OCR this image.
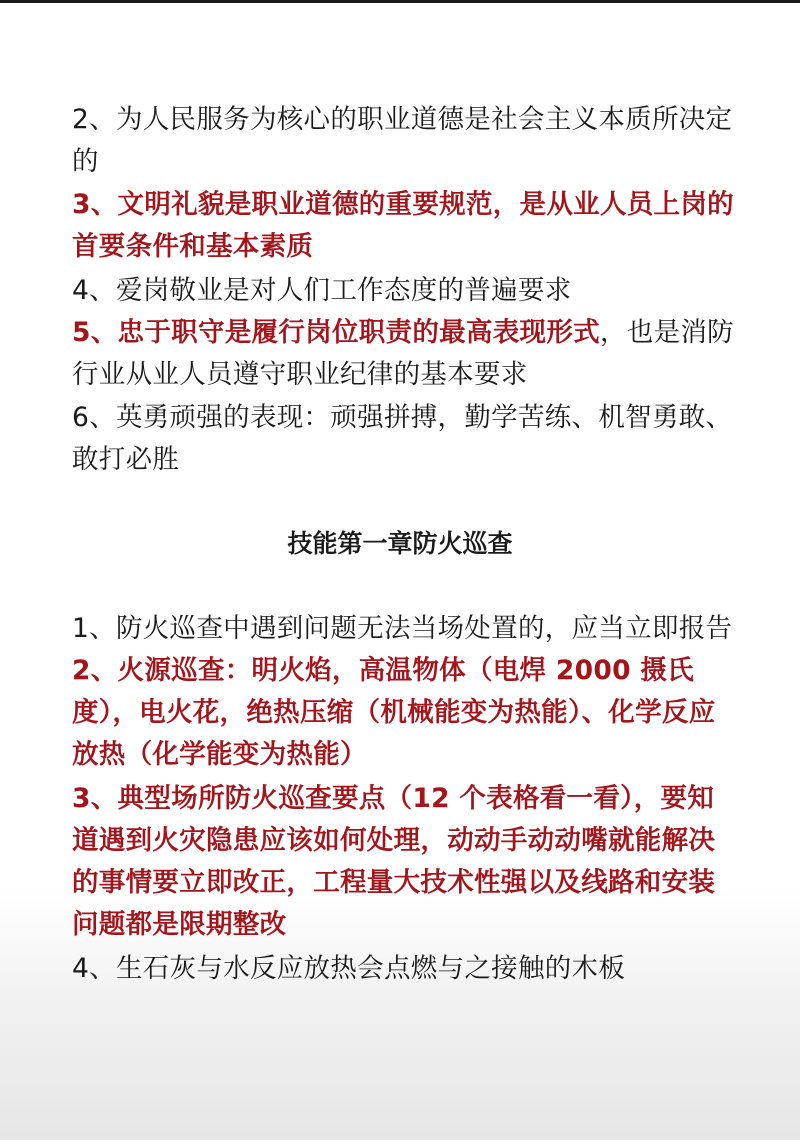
2、为人民服务为核心的职业道德是社会主义本质所决定的

3、文明礼貌是职业道德的重要规范，是从业人员上岗的首要条件和基本素质

4、爱岗敬业是对人们工作态度的普遍要求

5、忠于职守是履行岗位职责的最高表现形式，也是消防行业从业人员遵守职业纪律的基本要求

6、英勇顽强的表现：顽强拼搏，勤学苦练、机智勇敢、敢打必胜

技能第一章防火巡查

1、防火巡查中遇到问题无法当场处置的，应当立即报告

2、火源巡查：明火焰，高温物体（电焊 2000 摄氏度），电火花，绝热压缩（机械能变为热能）、化学反应放热（化学能变为热能）

3、典型场所防火巡查要点（12 个表格看一看），要知道遇到火灾隐患应该如何处理，动动手动动嘴就能解决的事情要立即改正，工程量大技术性强以及线路和安装问题都是限期整改

4、生石灰与水反应放热会点燃与之接触的木板
